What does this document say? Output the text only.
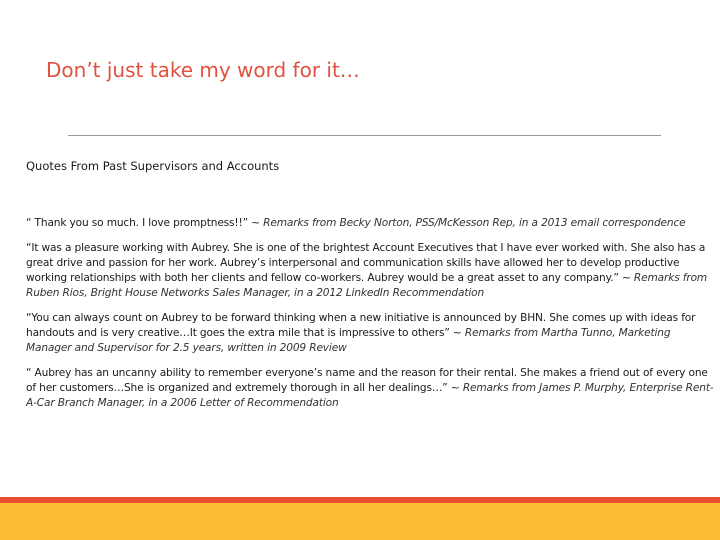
Don’t just take my word for it…
Quotes From Past Supervisors and Accounts

“ Thank you so much. I love promptness!!” ~ Remarks from Becky Norton, PSS/McKesson Rep, in a 2013 email correspondence

“It was a pleasure working with Aubrey. She is one of the brightest Account Executives that I have ever worked with. She also has a great drive and passion for her work. Aubrey’s interpersonal and communication skills have allowed her to develop productive working relationships with both her clients and fellow co-workers. Aubrey would be a great asset to any company.” ~ Remarks from Ruben Rios, Bright House Networks Sales Manager, in a 2012 LinkedIn Recommendation

“You can always count on Aubrey to be forward thinking when a new initiative is announced by BHN. She comes up with ideas for handouts and is very creative…It goes the extra mile that is impressive to others” ~ Remarks from Martha Tunno, Marketing Manager and Supervisor for 2.5 years, written in 2009 Review

“ Aubrey has an uncanny ability to remember everyone’s name and the reason for their rental. She makes a friend out of every one of her customers…She is organized and extremely thorough in all her dealings…” ~ Remarks from James P. Murphy, Enterprise Rent-A-Car Branch Manager, in a 2006 Letter of Recommendation
